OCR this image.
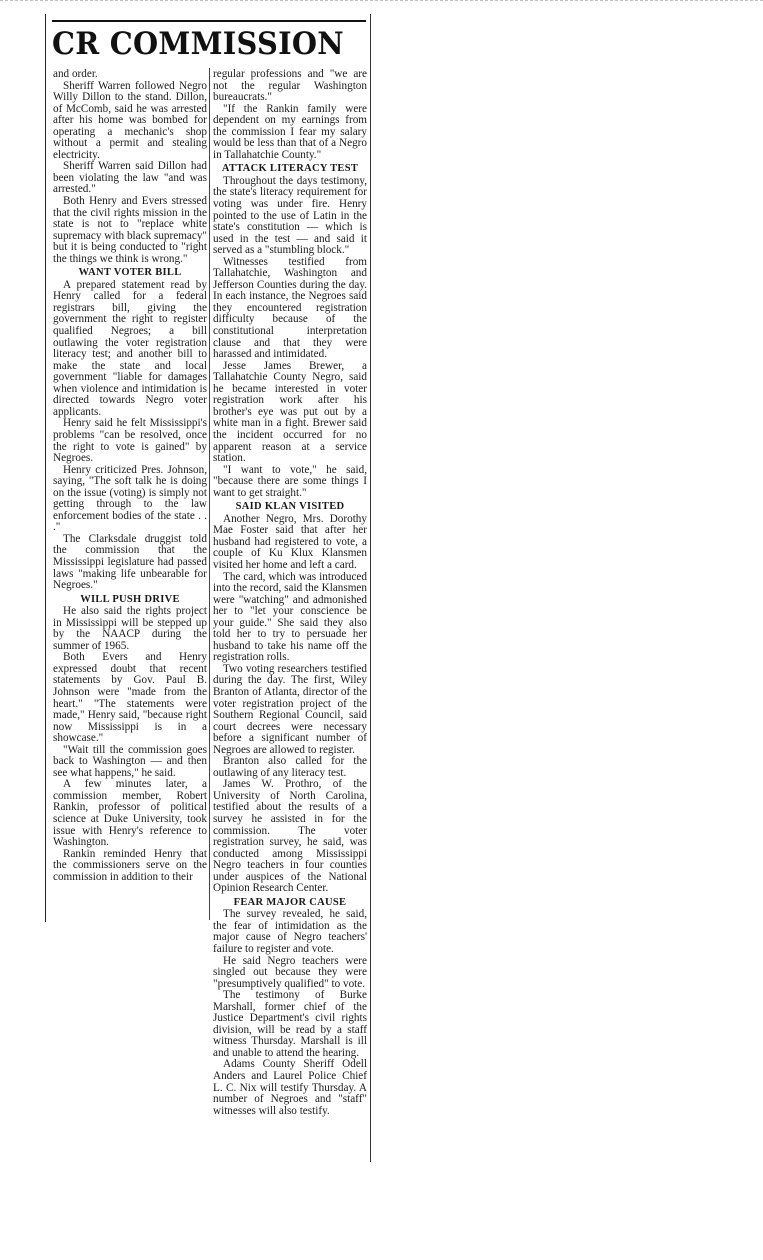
CR COMMISSION

and order.

Sheriff Warren followed Negro Willy Dillon to the stand. Dillon, of McComb, said he was arrested after his home was bombed for operating a mechanic's shop without a permit and stealing electricity.

Sheriff Warren said Dillon had been violating the law "and was arrested."

Both Henry and Evers stressed that the civil rights mission in the state is not to "replace white supremacy with black supremacy" but it is being conducted to "right the things we think is wrong."

WANT VOTER BILL

A prepared statement read by Henry called for a federal registrars bill, giving the government the right to register qualified Negroes; a bill outlawing the voter registration literacy test; and another bill to make the state and local government "liable for damages when violence and intimidation is directed towards Negro voter applicants.

Henry said he felt Mississippi's problems "can be resolved, once the right to vote is gained" by Negroes.

Henry criticized Pres. Johnson, saying, "The soft talk he is doing on the issue (voting) is simply not getting through to the law enforcement bodies of the state . . ."

The Clarksdale druggist told the commission that the Mississippi legislature had passed laws "making life unbearable for Negroes."

WILL PUSH DRIVE

He also said the rights project in Mississippi will be stepped up by the NAACP during the summer of 1965.

Both Evers and Henry expressed doubt that recent statements by Gov. Paul B. Johnson were "made from the heart." "The statements were made," Henry said, "because right now Mississippi is in a showcase."

"Wait till the commission goes back to Washington — and then see what happens," he said.

A few minutes later, a commission member, Robert Rankin, professor of political science at Duke University, took issue with Henry's reference to Washington.

Rankin reminded Henry that the commissioners serve on the commission in addition to their

regular professions and "we are not the regular Washington bureaucrats."

"If the Rankin family were dependent on my earnings from the commission I fear my salary would be less than that of a Negro in Tallahatchie County."

ATTACK LITERACY TEST

Throughout the days testimony, the state's literacy requirement for voting was under fire. Henry pointed to the use of Latin in the state's constitution — which is used in the test — and said it served as a "stumbling block."

Witnesses testified from Tallahatchie, Washington and Jefferson Counties during the day. In each instance, the Negroes said they encountered registration difficulty because of the constitutional interpretation clause and that they were harassed and intimidated.

Jesse James Brewer, a Tallahatchie County Negro, said he became interested in voter registration work after his brother's eye was put out by a white man in a fight. Brewer said the incident occurred for no apparent reason at a service station.

"I want to vote," he said, "because there are some things I want to get straight."

SAID KLAN VISITED

Another Negro, Mrs. Dorothy Mae Foster said that after her husband had registered to vote, a couple of Ku Klux Klansmen visited her home and left a card.

The card, which was introduced into the record, said the Klansmen were "watching" and admonished her to "let your conscience be your guide." She said they also told her to try to persuade her husband to take his name off the registration rolls.

Two voting researchers testified during the day. The first, Wiley Branton of Atlanta, director of the voter registration project of the Southern Regional Council, said court decrees were necessary before a significant number of Negroes are allowed to register.

Branton also called for the outlawing of any literacy test.

James W. Prothro, of the University of North Carolina, testified about the results of a survey he assisted in for the commission. The voter registration survey, he said, was conducted among Mississippi Negro teachers in four counties under auspices of the National Opinion Research Center.

FEAR MAJOR CAUSE

The survey revealed, he said, the fear of intimidation as the major cause of Negro teachers' failure to register and vote.

He said Negro teachers were singled out because they were "presumptively qualified" to vote.

The testimony of Burke Marshall, former chief of the Justice Department's civil rights division, will be read by a staff witness Thursday. Marshall is ill and unable to attend the hearing.

Adams County Sheriff Odell Anders and Laurel Police Chief L. C. Nix will testify Thursday. A number of Negroes and "staff" witnesses will also testify.
